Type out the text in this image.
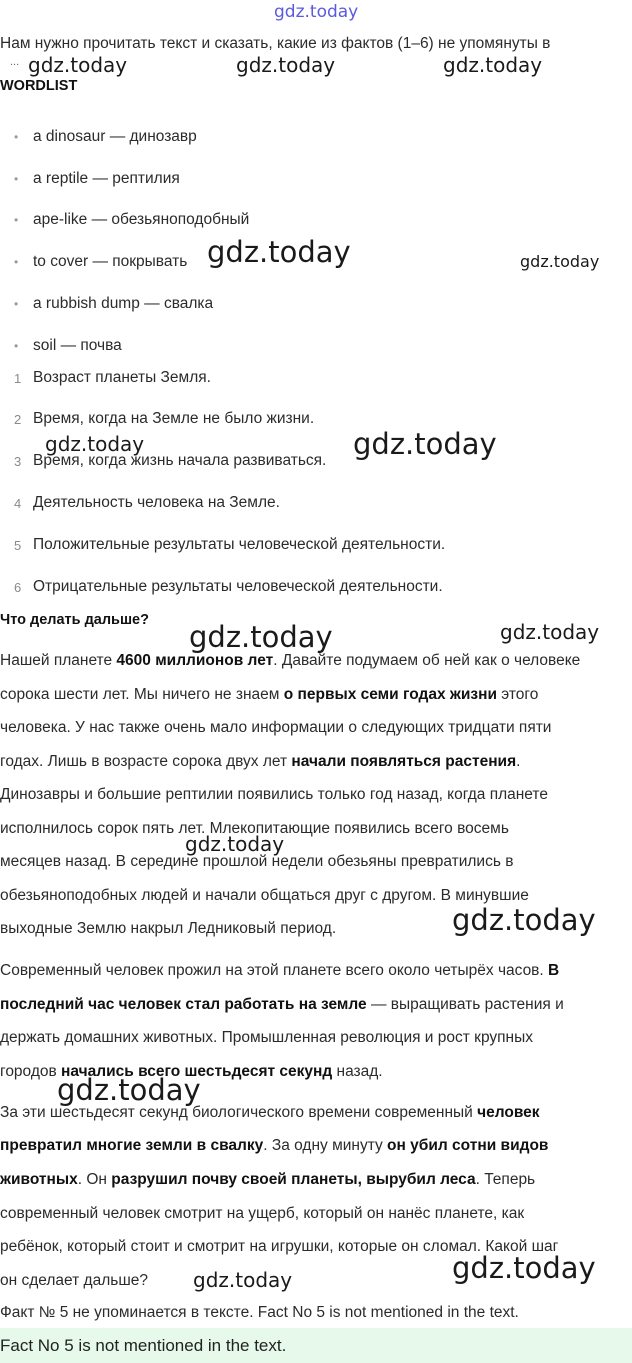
gdz.today
Нам нужно прочитать текст и сказать, какие из фактов (1–6) не упомянуты в
... gdz.today	gdz.today	gdz.today
WORDLIST
• a dinosaur — динозавр
• a reptile — рептилия
• ape-like — обезьяноподобный
• to cover — покрывать
• a rubbish dump — свалка
• soil — почва
gdz.today	gdz.today
1 Возраст планеты Земля.
2 Время, когда на Земле не было жизни.
3 Время, когда жизнь начала развиваться.
4 Деятельность человека на Земле.
5 Положительные результаты человеческой деятельности.
6 Отрицательные результаты человеческой деятельности.
gdz.today	gdz.today
Что делать дальше? gdz.today	gdz.today
Нашей планете 4600 миллионов лет. Давайте подумаем об ней как о человеке
сорока шести лет. Мы ничего не знаем о первых семи годах жизни этого
человека. У нас также очень мало информации о следующих тридцати пяти
годах. Лишь в возрасте сорока двух лет начали появляться растения.
Динозавры и большие рептилии появились только год назад, когда планете
исполнилось сорок пять лет. Млекопитающие появились всего восемь
месяцев назад. В середине прошлой недели обезьяны превратились в
обезьяноподобных людей и начали общаться друг с другом. В минувшие
выходные Землю накрыл Ледниковый период.
gdz.today
gdz.today
Современный человек прожил на этой планете всего около четырёх часов. В
последний час человек стал работать на земле — выращивать растения и
держать домашних животных. Промышленная революция и рост крупных
городов начались всего шестьдесят секунд назад.
gdz.today
За эти шестьдесят секунд биологического времени современный человек
превратил многие земли в свалку. За одну минуту он убил сотни видов
животных. Он разрушил почву своей планеты, вырубил леса. Теперь
современный человек смотрит на ущерб, который он нанёс планете, как
ребёнок, который стоит и смотрит на игрушки, которые он сломал. Какой шаг
он сделает дальше? gdz.today	gdz.today
Факт № 5 не упоминается в тексте. Fact No 5 is not mentioned in the text.
Fact No 5 is not mentioned in the text.
